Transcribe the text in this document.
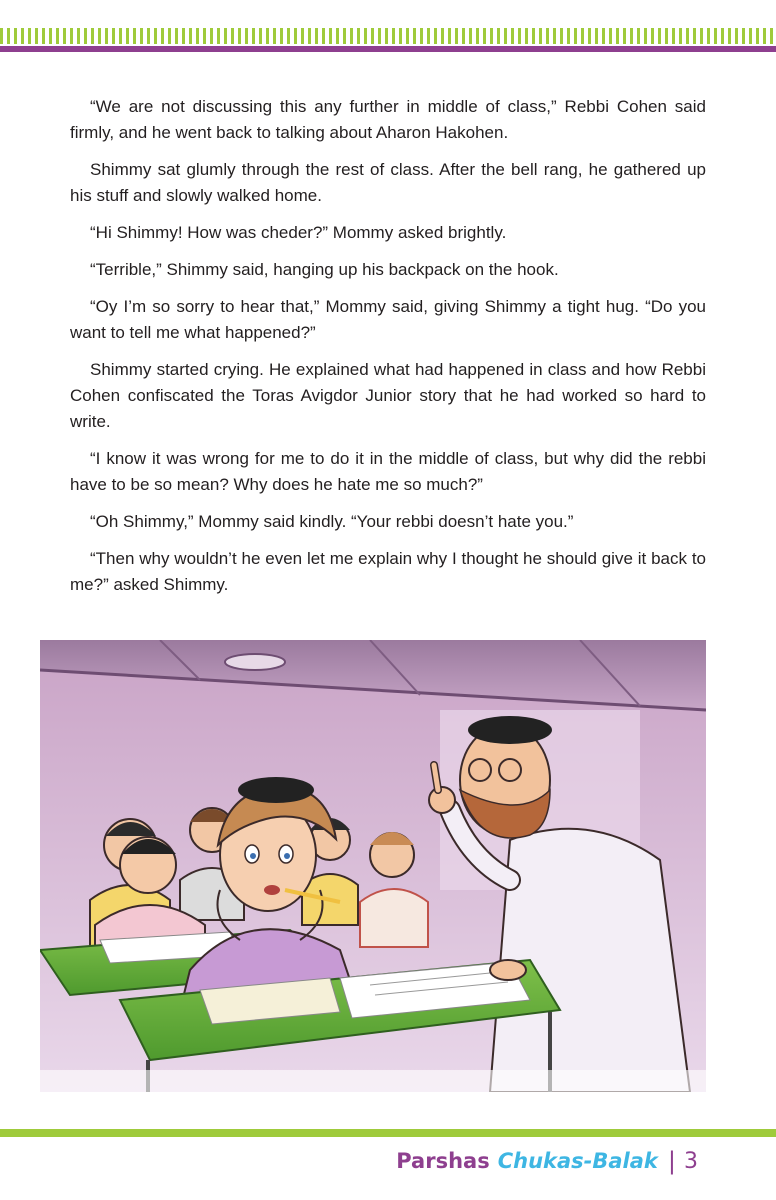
“We are not discussing this any further in middle of class,” Rebbi Cohen said firmly, and he went back to talking about Aharon Hakohen.

Shimmy sat glumly through the rest of class. After the bell rang, he gathered up his stuff and slowly walked home.

“Hi Shimmy! How was cheder?” Mommy asked brightly.

“Terrible,” Shimmy said, hanging up his backpack on the hook.

“Oy I’m so sorry to hear that,” Mommy said, giving Shimmy a tight hug. “Do you want to tell me what happened?”

Shimmy started crying. He explained what had happened in class and how Rebbi Cohen confiscated the Toras Avigdor Junior story that he had worked so hard to write.

“I know it was wrong for me to do it in the middle of class, but why did the rebbi have to be so mean? Why does he hate me so much?”

“Oh Shimmy,” Mommy said kindly. “Your rebbi doesn’t hate you.”

“Then why wouldn’t he even let me explain why I thought he should give it back to me?” asked Shimmy.

Parshas Chukas-Balak | 3
